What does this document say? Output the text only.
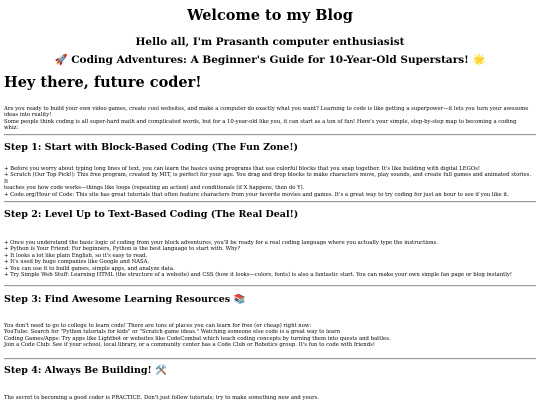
Welcome to my Blog
Hello all, I'm Prasanth computer enthusiasist
🚀 Coding Adventures: A Beginner's Guide for 10-Year-Old Superstars! 🌟
Hey there, future coder!

Are you ready to build your own video games, create cool websites, and make a computer do exactly what you want? Learning to code is like getting a superpower—it lets you turn your awesome
ideas into reality!
Some people think coding is all super-hard math and complicated words, but for a 10-year-old like you, it can start as a ton of fun! Here's your simple, step-by-step map to becoming a coding whiz:

Step 1: Start with Block-Based Coding (The Fun Zone!)

+ Before you worry about typing long lines of text, you can learn the basics using programs that use colorful blocks that you snap together. It's like building with digital LEGOs!
+ Scratch (Our Top Pick!): This free program, created by MIT, is perfect for your age. You drag and drop blocks to make characters move, play sounds, and create full games and animated stories. It
teaches you how code works—things like loops (repeating an action) and conditionals (if X happens, then do Y).
+ Code.org/Hour of Code: This site has great tutorials that often feature characters from your favorite movies and games. It's a great way to try coding for just an hour to see if you like it.

Step 2: Level Up to Text-Based Coding (The Real Deal!)

+ Once you understand the basic logic of coding from your block adventures, you'll be ready for a real coding language where you actually type the instructions.
+ Python is Your Friend: For beginners, Python is the best language to start with. Why?
+ It looks a lot like plain English, so it's easy to read.
+ It's used by huge companies like Google and NASA.
+ You can use it to build games, simple apps, and analyze data.
+ Try Simple Web Stuff: Learning HTML (the structure of a website) and CSS (how it looks—colors, fonts) is also a fantastic start. You can make your own simple fan page or blog instantly!

Step 3: Find Awesome Learning Resources 📚

You don't need to go to college to learn code! There are tons of places you can learn for free (or cheap) right now:
YouTube: Search for "Python tutorials for kids" or "Scratch game ideas." Watching someone else code is a great way to learn
Coding Games/Apps: Try apps like Lightbot or websites like CodeCombat which teach coding concepts by turning them into quests and battles.
Join a Code Club: See if your school, local library, or a community center has a Code Club or Robotics group. It's fun to code with friends!

Step 4: Always Be Building! 🛠️

The secret to becoming a good coder is PRACTICE. Don't just follow tutorials; try to make something new and yours.
